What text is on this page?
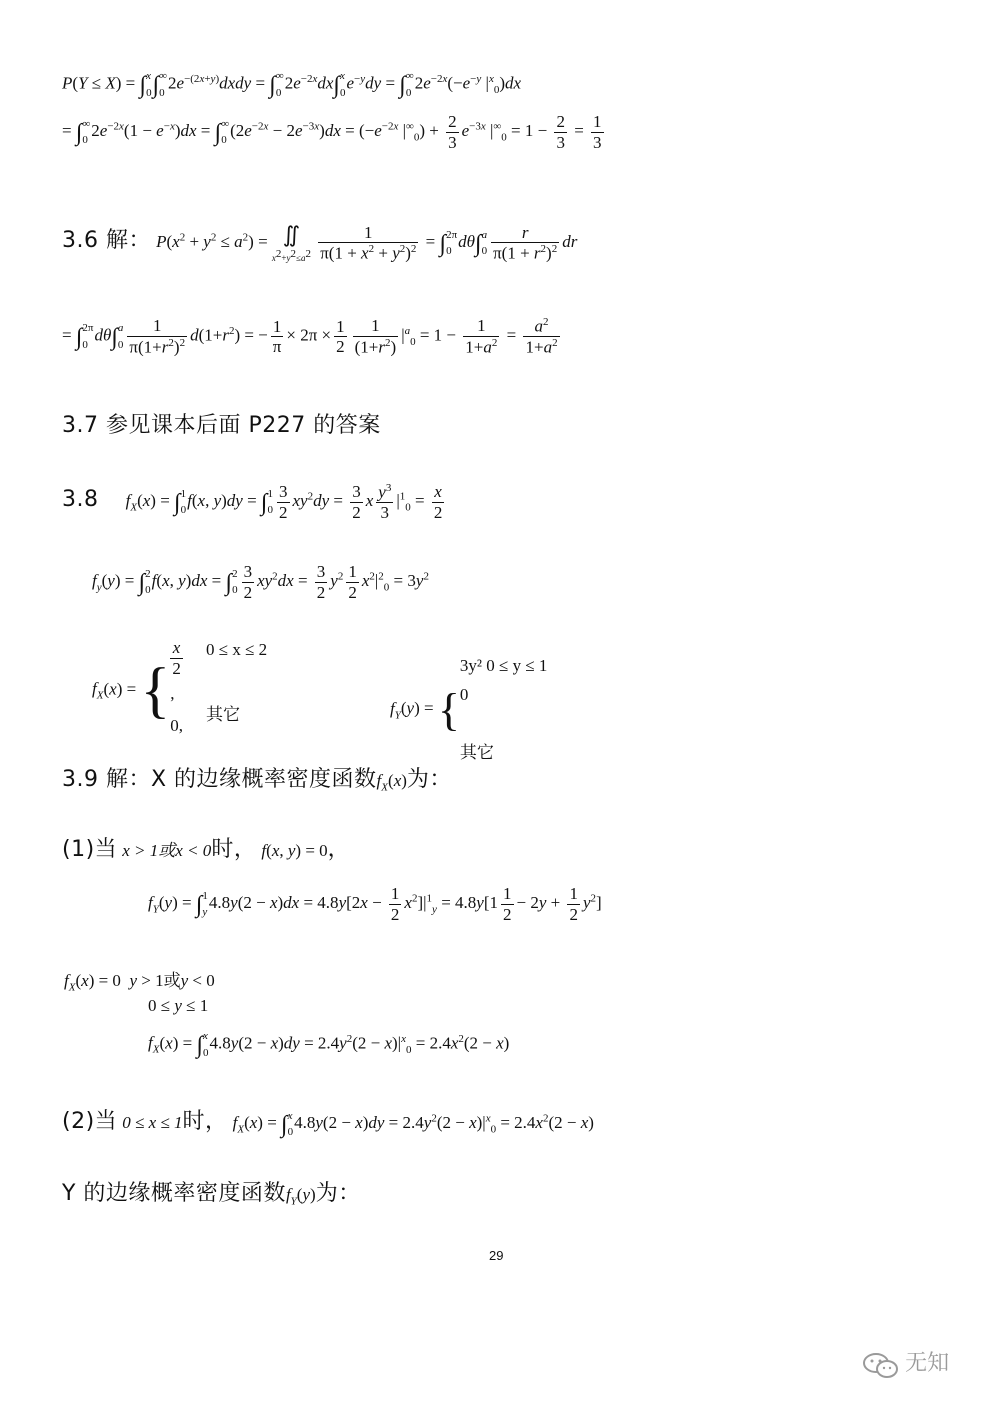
P(Y ≤ X) = ∫ x
0 ∫ ∞
0
$2e^{-(2x+y)}dxdy$ = ∫ ∞
0
$2e^{-2x}dx\int$ x
0
$e^{-y}dy$ = ∫ ∞
0
$2e^{-2x}(-e^{-y}$ $|^x_0)dx$
= ∫ ∞
0
$2e^{-2x}(1 - e^{-x})dx$ = ∫ ∞
0
$(2e^{-2x} - 2e^{-3x})dx = (-e^{-2x}$ $|^\infty_0) + \frac{2}{3} e^{-3x}$ $|^\infty_0 = 1 - \frac{2}{3} = \frac{1}{3}$
3.6 解： $P(x^2 + y^2 \le a^2)$ = ∬
$x^2+y^2\le a^2$
$\frac{1}{\pi(1 + x^2 + y^2)^2}$ = ∫ 2π
0
dθ∫ a
$0 \frac{r}{\pi(1 + r^2)^2}$ dr
= ∫ 2π
0
dθ∫ a
$0 \frac{1}{\pi(1+r^2)^2} d(1+r^2)$ = − $\frac{1}{\pi} \times 2\pi \times \frac{1}{2} \frac{1}{(1+r^2)} |^a_0 = 1 - \frac{1}{1+a^2} = \frac{a^2}{1+a^2}$
3.7 参见课本后面 P227 的答案
3.8 $f_X(x)$ = ∫ 1
0
f(x, y)dy = ∫ 1
$0 \frac{3}{2} xy^2dy = \frac{3}{2}$ x $\frac{y^3}{3} |^1_0 = \frac{x}{2}$
$f_y(y)$ = ∫ 2
0
f(x, y)dx = ∫ 2
$0 \frac{3}{2} xy^2dx = \frac{3}{2} y^2 \frac{1}{2} x^2|^2_0 = 3y^2$
$f_X(x)$ = {
x
2
,
0,
0 ≤ x ≤ 2
其它	$f_Y(y)$ = {
3y² 0 ≤ y ≤ 1
0

其它
3.9 解：X 的边缘概率密度函数$f_X(x)$为：
(1)当 x > 1或x < 0时， f(x, y) = 0，
$f_Y(y)$ = ∫ 1
y
$4.8y(2 - x)dx = 4.8y[2x - \frac{1}{2} x^2]|^1_y = 4.8y[1 \frac{1}{2} - 2y + \frac{1}{2} y^2]$
$f_X(x) = 0$  y > 1或y < 0
0 ≤ y ≤ 1
$f_X(x)$ = ∫ x
0
$4.8y(2 - x)dy = 2.4y^2(2 - x)|^x_0 = 2.4x^2(2 - x)$
(2)当 0 ≤ x ≤ 1时， $f_X(x)$ = ∫ x
0
$4.8y(2 - x)dy = 2.4y^2(2 - x)|^x_0 = 2.4x^2(2 - x)$
Y 的边缘概率密度函数$f_Y(y)$为：
29
无知
